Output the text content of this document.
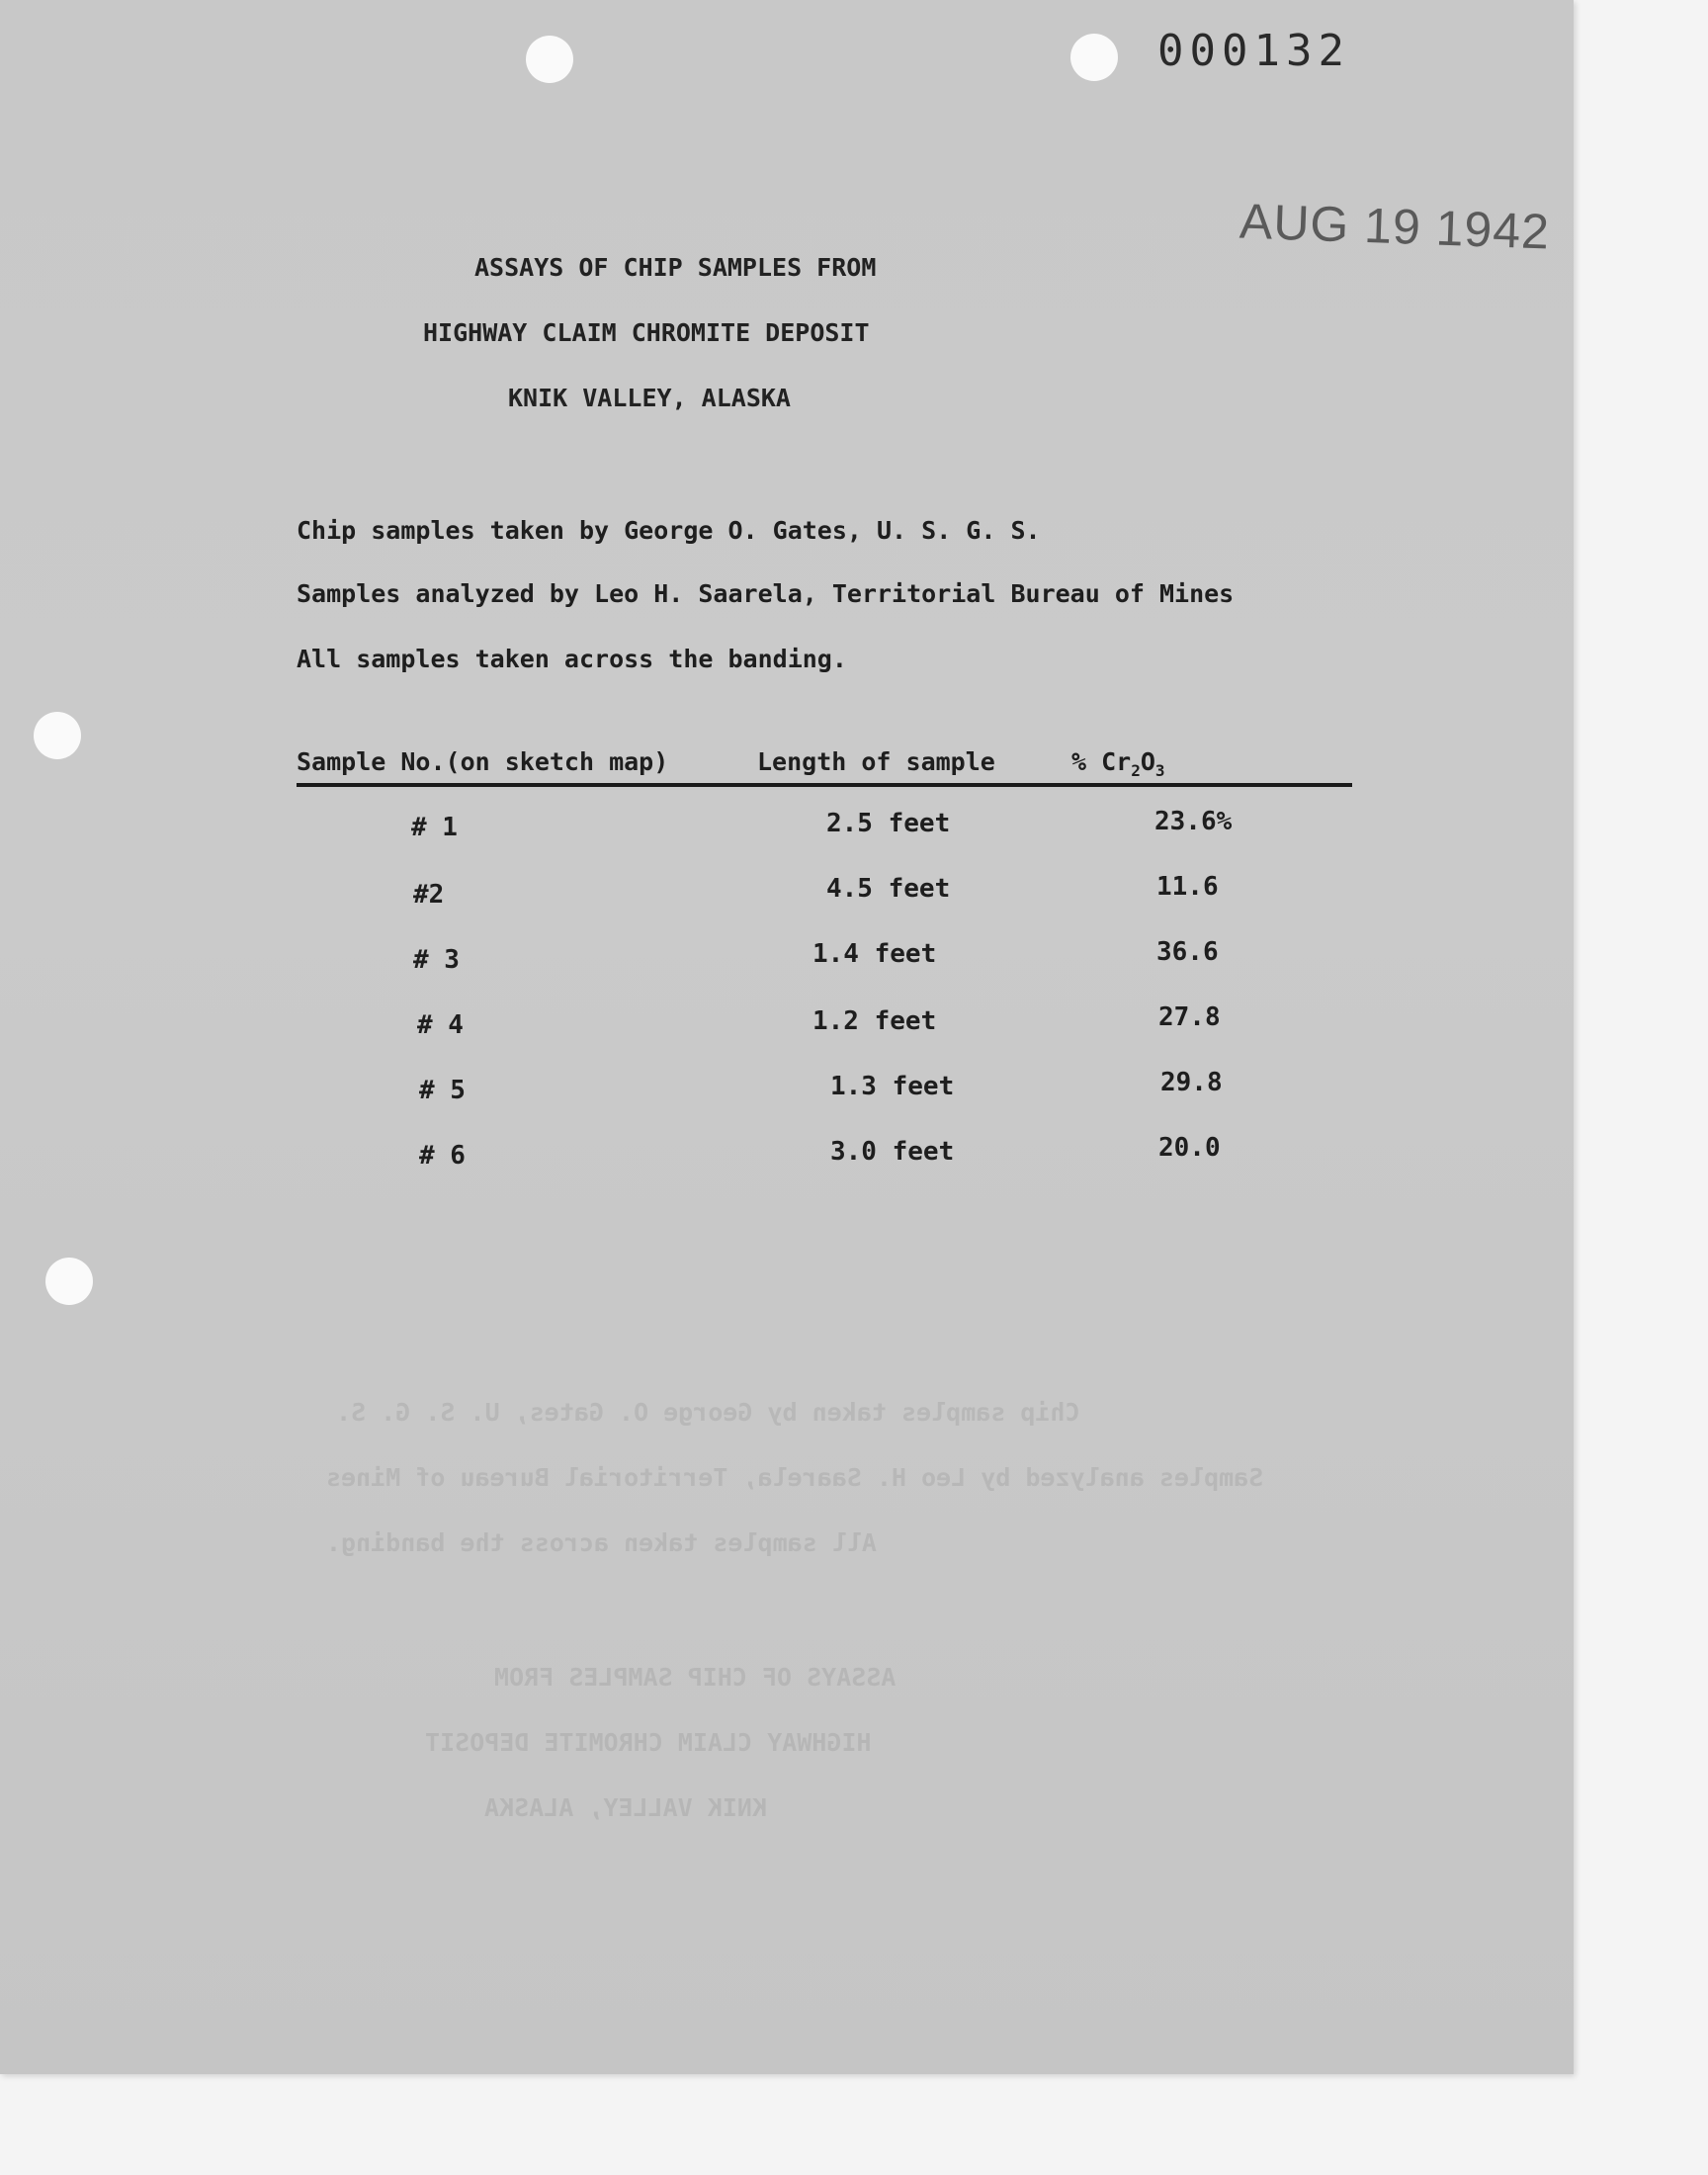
000132
AUG 19 1942
ASSAYS OF CHIP SAMPLES FROM
HIGHWAY CLAIM CHROMITE DEPOSIT
KNIK VALLEY, ALASKA
Chip samples taken by George O. Gates, U. S. G. S.
Samples analyzed by Leo H. Saarela, Territorial Bureau of Mines
All samples taken across the banding.
Sample No.(on sketch map)	Length of sample	% $Cr_2O_3$
# 1	2.5 feet	23.6%
#2	4.5 feet	11.6
# 3	1.4 feet	36.6
# 4	1.2 feet	27.8
# 5	1.3 feet	29.8
# 6	3.0 feet	20.0
Chip samples taken by George O. Gates, U. S. G. S.
Samples analyzed by Leo H. Saarela, Territorial Bureau of Mines
All samples taken across the banding.
ASSAYS OF CHIP SAMPLES FROM
HIGHWAY CLAIM CHROMITE DEPOSIT
KNIK VALLEY, ALASKA
